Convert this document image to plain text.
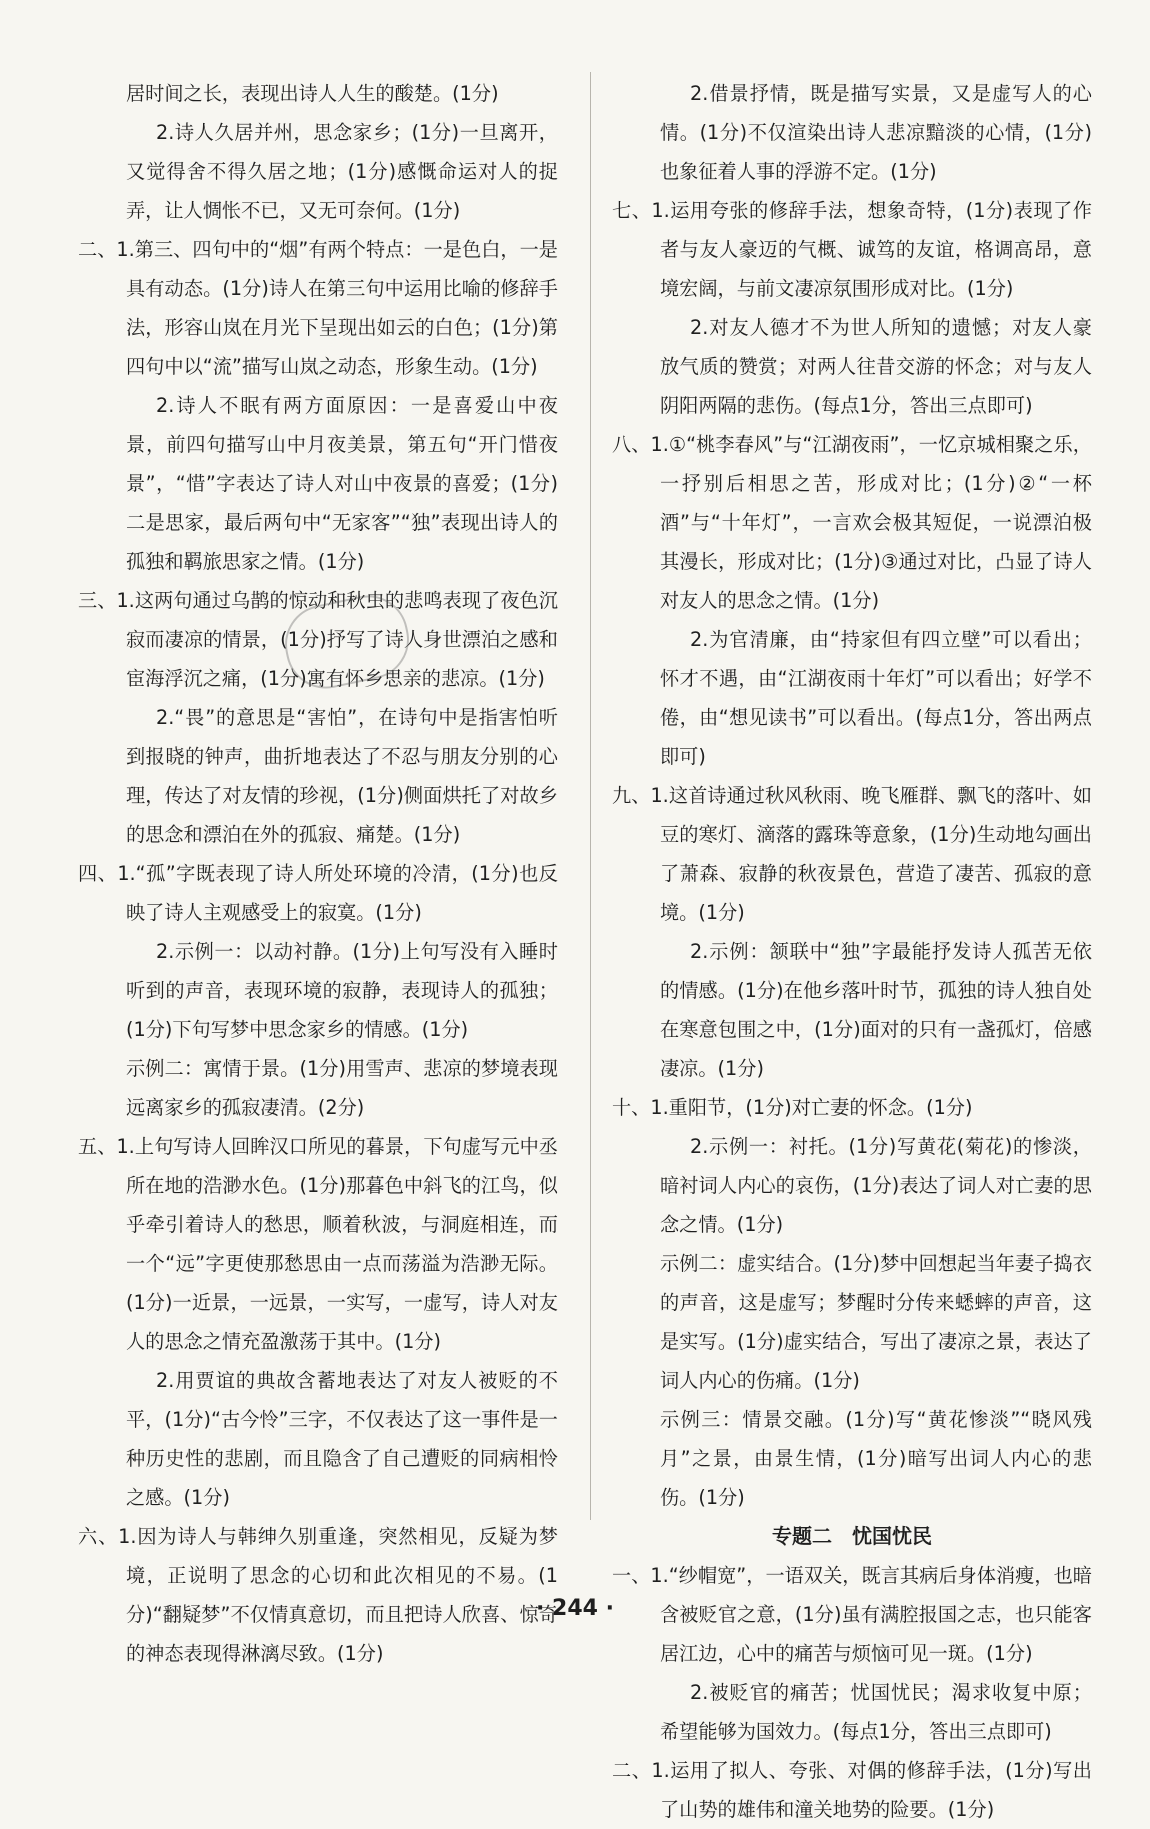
居时间之长，表现出诗人人生的酸楚。(1分)

2.诗人久居并州，思念家乡；(1分)一旦离开，又觉得舍不得久居之地；(1分)感慨命运对人的捉弄，让人惆怅不已，又无可奈何。(1分)

二、1.第三、四句中的“烟”有两个特点：一是色白，一是具有动态。(1分)诗人在第三句中运用比喻的修辞手法，形容山岚在月光下呈现出如云的白色；(1分)第四句中以“流”描写山岚之动态，形象生动。(1分)

2.诗人不眠有两方面原因：一是喜爱山中夜景，前四句描写山中月夜美景，第五句“开门惜夜景”，“惜”字表达了诗人对山中夜景的喜爱；(1分)二是思家，最后两句中“无家客”“独”表现出诗人的孤独和羁旅思家之情。(1分)

三、1.这两句通过乌鹊的惊动和秋虫的悲鸣表现了夜色沉寂而凄凉的情景，(1分)抒写了诗人身世漂泊之感和宦海浮沉之痛，(1分)寓有怀乡思亲的悲凉。(1分)

2.“畏”的意思是“害怕”，在诗句中是指害怕听到报晓的钟声，曲折地表达了不忍与朋友分别的心理，传达了对友情的珍视，(1分)侧面烘托了对故乡的思念和漂泊在外的孤寂、痛楚。(1分)

四、1.“孤”字既表现了诗人所处环境的冷清，(1分)也反映了诗人主观感受上的寂寞。(1分)

2.示例一：以动衬静。(1分)上句写没有入睡时听到的声音，表现环境的寂静，表现诗人的孤独；(1分)下句写梦中思念家乡的情感。(1分)

示例二：寓情于景。(1分)用雪声、悲凉的梦境表现远离家乡的孤寂凄清。(2分)

五、1.上句写诗人回眸汉口所见的暮景，下句虚写元中丞所在地的浩渺水色。(1分)那暮色中斜飞的江鸟，似乎牵引着诗人的愁思，顺着秋波，与洞庭相连，而一个“远”字更使那愁思由一点而荡溢为浩渺无际。(1分)一近景，一远景，一实写，一虚写，诗人对友人的思念之情充盈激荡于其中。(1分)

2.用贾谊的典故含蓄地表达了对友人被贬的不平，(1分)“古今怜”三字，不仅表达了这一事件是一种历史性的悲剧，而且隐含了自己遭贬的同病相怜之感。(1分)

六、1.因为诗人与韩绅久别重逢，突然相见，反疑为梦境，正说明了思念的心切和此次相见的不易。(1分)“翻疑梦”不仅情真意切，而且把诗人欣喜、惊奇的神态表现得淋漓尽致。(1分)

2.借景抒情，既是描写实景，又是虚写人的心情。(1分)不仅渲染出诗人悲凉黯淡的心情，(1分)也象征着人事的浮游不定。(1分)

七、1.运用夸张的修辞手法，想象奇特，(1分)表现了作者与友人豪迈的气概、诚笃的友谊，格调高昂，意境宏阔，与前文凄凉氛围形成对比。(1分)

2.对友人德才不为世人所知的遗憾；对友人豪放气质的赞赏；对两人往昔交游的怀念；对与友人阴阳两隔的悲伤。(每点1分，答出三点即可)

八、1.①“桃李春风”与“江湖夜雨”，一忆京城相聚之乐，一抒别后相思之苦，形成对比；(1分)②“一杯酒”与“十年灯”，一言欢会极其短促，一说漂泊极其漫长，形成对比；(1分)③通过对比，凸显了诗人对友人的思念之情。(1分)

2.为官清廉，由“持家但有四立壁”可以看出；怀才不遇，由“江湖夜雨十年灯”可以看出；好学不倦，由“想见读书”可以看出。(每点1分，答出两点即可)

九、1.这首诗通过秋风秋雨、晚飞雁群、飘飞的落叶、如豆的寒灯、滴落的露珠等意象，(1分)生动地勾画出了萧森、寂静的秋夜景色，营造了凄苦、孤寂的意境。(1分)

2.示例：颔联中“独”字最能抒发诗人孤苦无依的情感。(1分)在他乡落叶时节，孤独的诗人独自处在寒意包围之中，(1分)面对的只有一盏孤灯，倍感凄凉。(1分)

十、1.重阳节，(1分)对亡妻的怀念。(1分)

2.示例一：衬托。(1分)写黄花(菊花)的惨淡，暗衬词人内心的哀伤，(1分)表达了词人对亡妻的思念之情。(1分)

示例二：虚实结合。(1分)梦中回想起当年妻子捣衣的声音，这是虚写；梦醒时分传来蟋蟀的声音，这是实写。(1分)虚实结合，写出了凄凉之景，表达了词人内心的伤痛。(1分)

示例三：情景交融。(1分)写“黄花惨淡”“晓风残月”之景，由景生情，(1分)暗写出词人内心的悲伤。(1分)

专题二　忧国忧民

一、1.“纱帽宽”，一语双关，既言其病后身体消瘦，也暗含被贬官之意，(1分)虽有满腔报国之志，也只能客居江边，心中的痛苦与烦恼可见一斑。(1分)

2.被贬官的痛苦；忧国忧民；渴求收复中原；希望能够为国效力。(每点1分，答出三点即可)

二、1.运用了拟人、夸张、对偶的修辞手法，(1分)写出了山势的雄伟和潼关地势的险要。(1分)

· 244 ·
